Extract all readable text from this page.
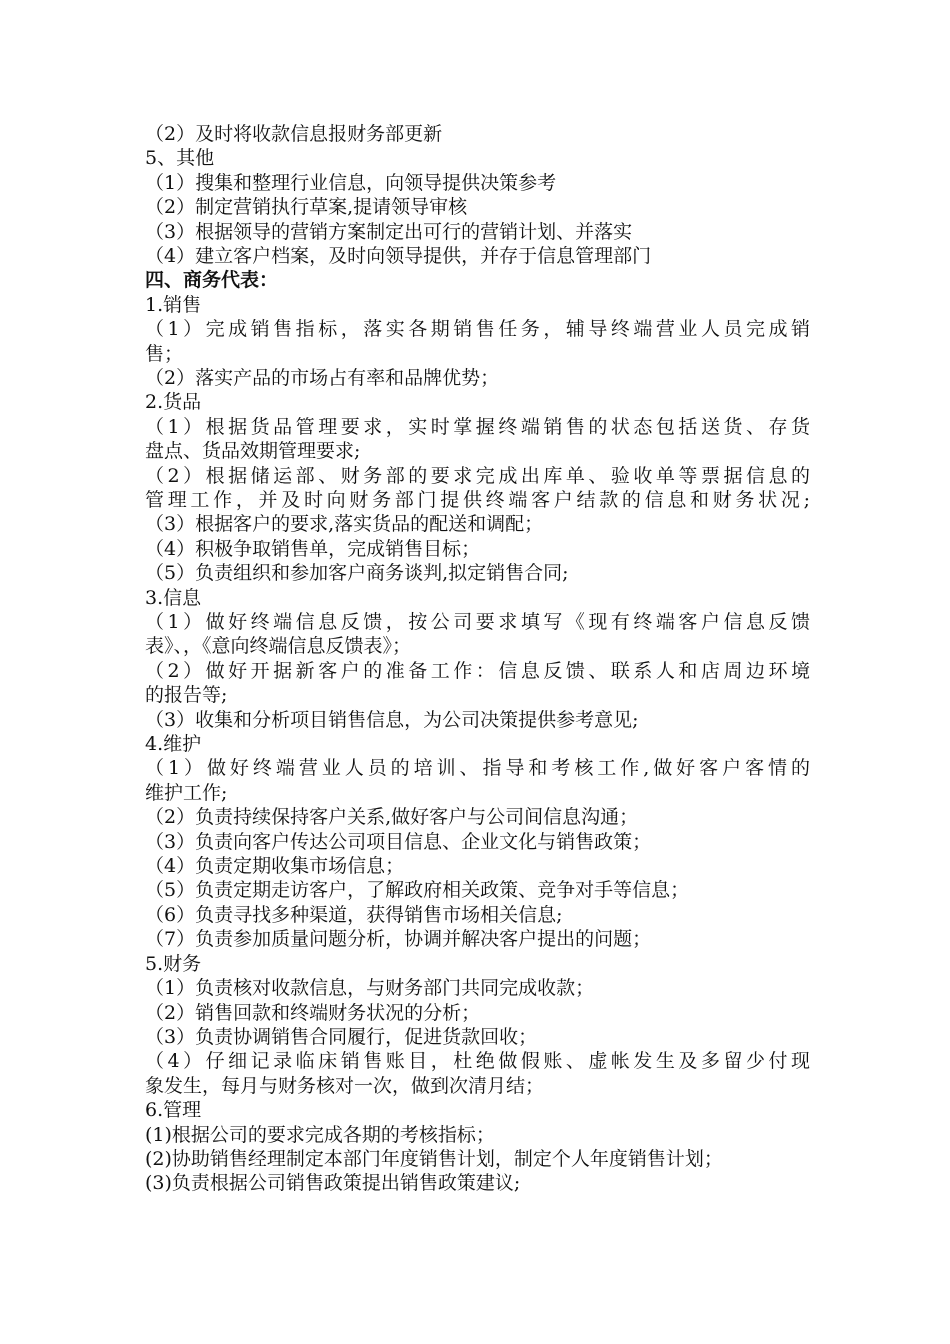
（2）及时将收款信息报财务部更新
5、其他
（1）搜集和整理行业信息，向领导提供决策参考
（2）制定营销执行草案,提请领导审核
（3）根据领导的营销方案制定出可行的营销计划、并落实
（4）建立客户档案，及时向领导提供，并存于信息管理部门
四、商务代表：
1.销售
（1）完成销售指标，落实各期销售任务，辅导终端营业人员完成销
售；
（2）落实产品的市场占有率和品牌优势；
2.货品
（1）根据货品管理要求，实时掌握终端销售的状态包括送货、存货
盘点、货品效期管理要求;
（2）根据储运部、财务部的要求完成出库单、验收单等票据信息的
管理工作，并及时向财务部门提供终端客户结款的信息和财务状况;
（3）根据客户的要求,落实货品的配送和调配；
（4）积极争取销售单，完成销售目标；
（5）负责组织和参加客户商务谈判,拟定销售合同;
3.信息
（1）做好终端信息反馈，按公司要求填写《现有终端客户信息反馈
表》、，《意向终端信息反馈表》；
（2）做好开据新客户的准备工作：信息反馈、联系人和店周边环境
的报告等;
（3）收集和分析项目销售信息，为公司决策提供参考意见;
4.维护
（1）做好终端营业人员的培训、指导和考核工作,做好客户客情的
维护工作;
（2）负责持续保持客户关系,做好客户与公司间信息沟通；
（3）负责向客户传达公司项目信息、企业文化与销售政策；
（4）负责定期收集市场信息；
（5）负责定期走访客户，了解政府相关政策、竞争对手等信息；
（6）负责寻找多种渠道，获得销售市场相关信息;
（7）负责参加质量问题分析，协调并解决客户提出的问题；
5.财务
（1）负责核对收款信息，与财务部门共同完成收款；
（2）销售回款和终端财务状况的分析；
（3）负责协调销售合同履行，促进货款回收；
（4）仔细记录临床销售账目，杜绝做假账、虚帐发生及多留少付现
象发生，每月与财务核对一次，做到次清月结；
6.管理
(1)根据公司的要求完成各期的考核指标；
(2)协助销售经理制定本部门年度销售计划，制定个人年度销售计划；
(3)负责根据公司销售政策提出销售政策建议;
